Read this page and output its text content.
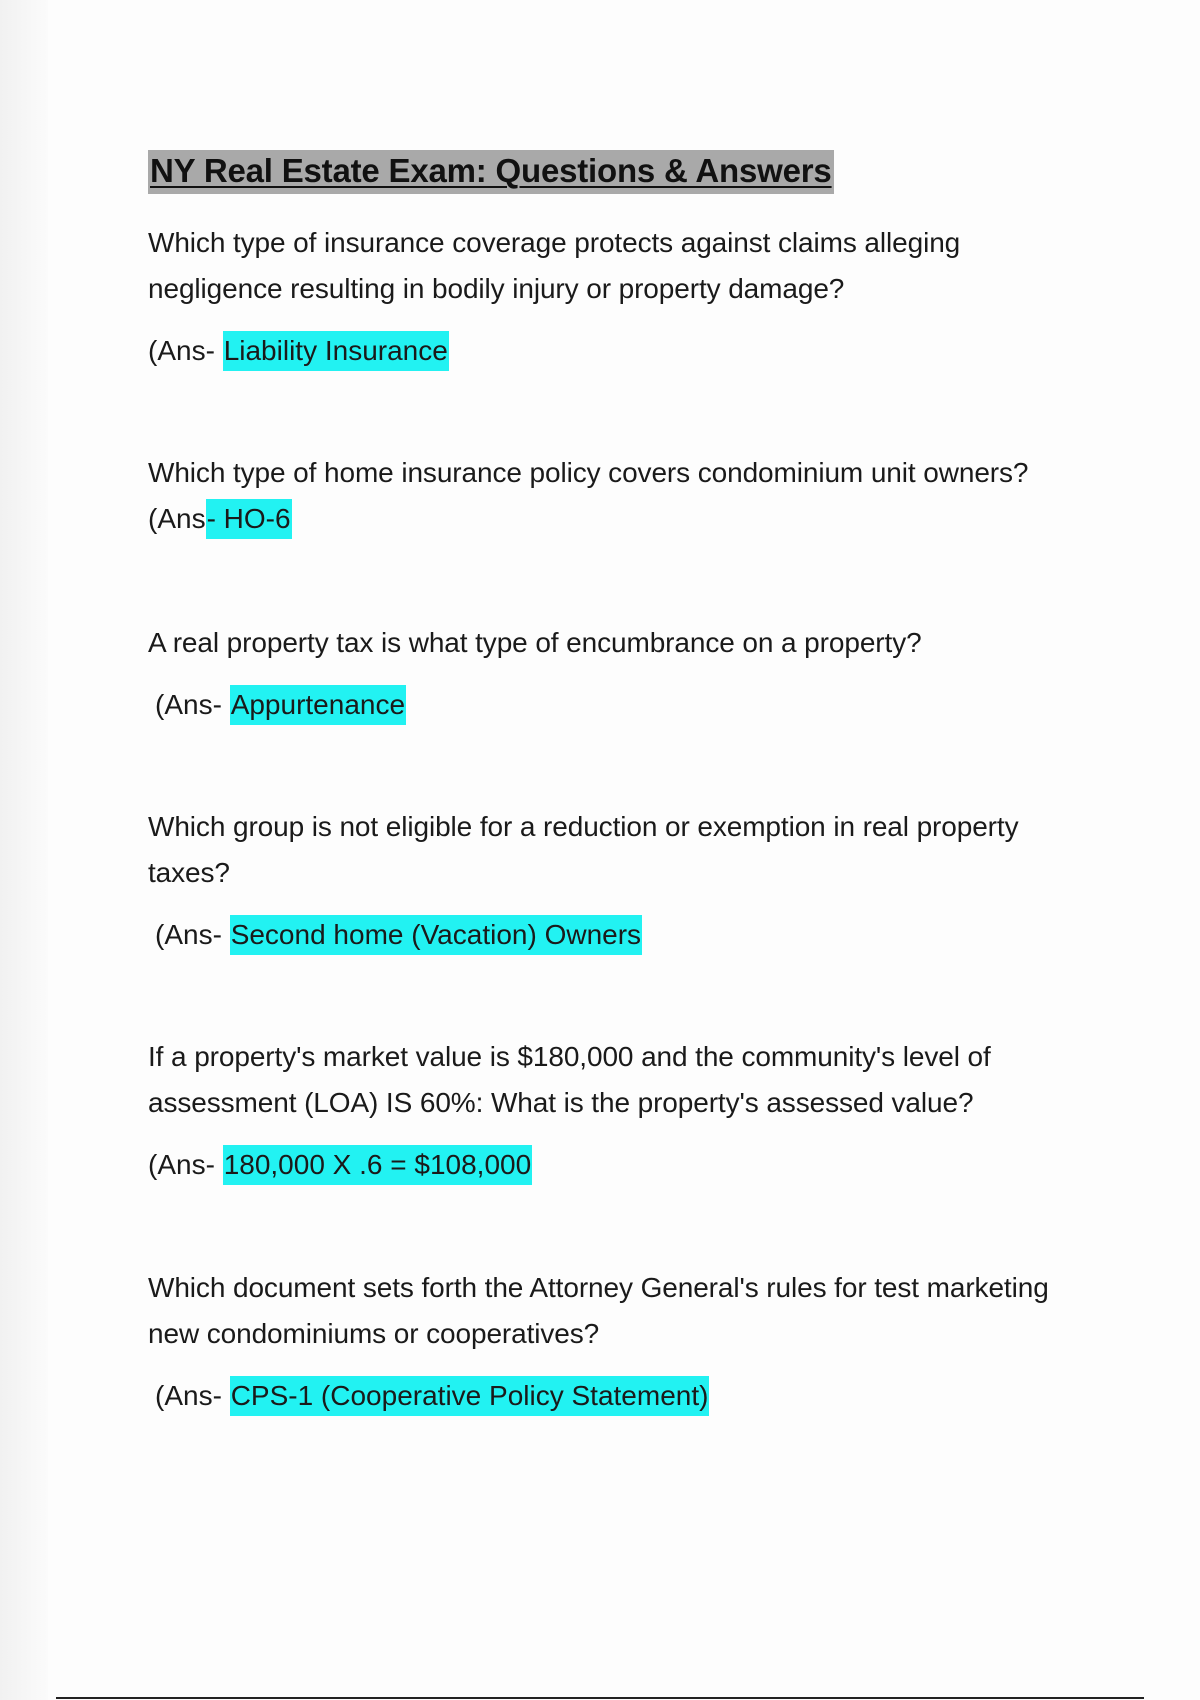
NY Real Estate Exam: Questions & Answers

Which type of insurance coverage protects against claims alleging negligence resulting in bodily injury or property damage?

(Ans- Liability Insurance

Which type of home insurance policy covers condominium unit owners?

(Ans- HO-6

A real property tax is what type of encumbrance on a property?

(Ans- Appurtenance

Which group is not eligible for a reduction or exemption in real property taxes?

(Ans- Second home (Vacation) Owners

If a property's market value is $180,000 and the community's level of assessment (LOA) IS 60%: What is the property's assessed value?

(Ans- 180,000 X .6 = $108,000

Which document sets forth the Attorney General's rules for test marketing new condominiums or cooperatives?

(Ans- CPS-1 (Cooperative Policy Statement)
